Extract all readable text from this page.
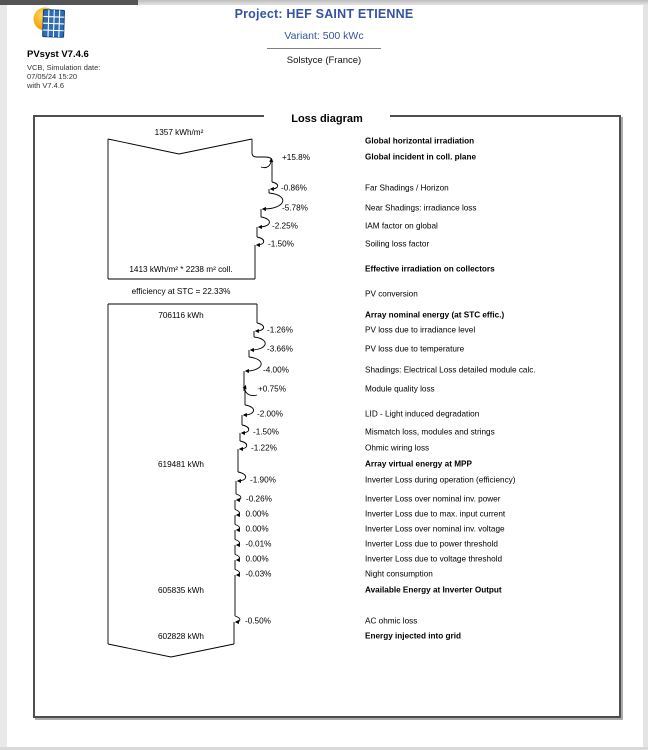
Project: HEF SAINT ETIENNE
Variant: 500 kWc
Solstyce (France)
PVsyst V7.4.6
VCB, Simulation date:
07/05/24 15:20
with V7.4.6
Loss diagram
1357 kWh/m²
Global horizontal irradiation
+15.8%	Global incident in coll. plane
-0.86%	Far Shadings / Horizon
-5.78%	Near Shadings: irradiance loss
-2.25%	IAM factor on global
-1.50%	Soiling loss factor
1413 kWh/m² * 2238 m² coll.	Effective irradiation on collectors
efficiency at STC = 22.33%	PV conversion
706116 kWh	Array nominal energy (at STC effic.)
-1.26%	PV loss due to irradiance level
-3.66%	PV loss due to temperature
-4.00%	Shadings: Electrical Loss detailed module calc.
+0.75%	Module quality loss
-2.00%	LID - Light induced degradation
-1.50%	Mismatch loss, modules and strings
-1.22%	Ohmic wiring loss
619481 kWh	Array virtual energy at MPP
-1.90%	Inverter Loss during operation (efficiency)
-0.26%	Inverter Loss over nominal inv. power
0.00%	Inverter Loss due to max. input current
0.00%	Inverter Loss over nominal inv. voltage
-0.01%	Inverter Loss due to power threshold
0.00%	Inverter Loss due to voltage threshold
-0.03%	Night consumption
605835 kWh	Available Energy at Inverter Output
-0.50%	AC ohmic loss
602828 kWh	Energy injected into grid
